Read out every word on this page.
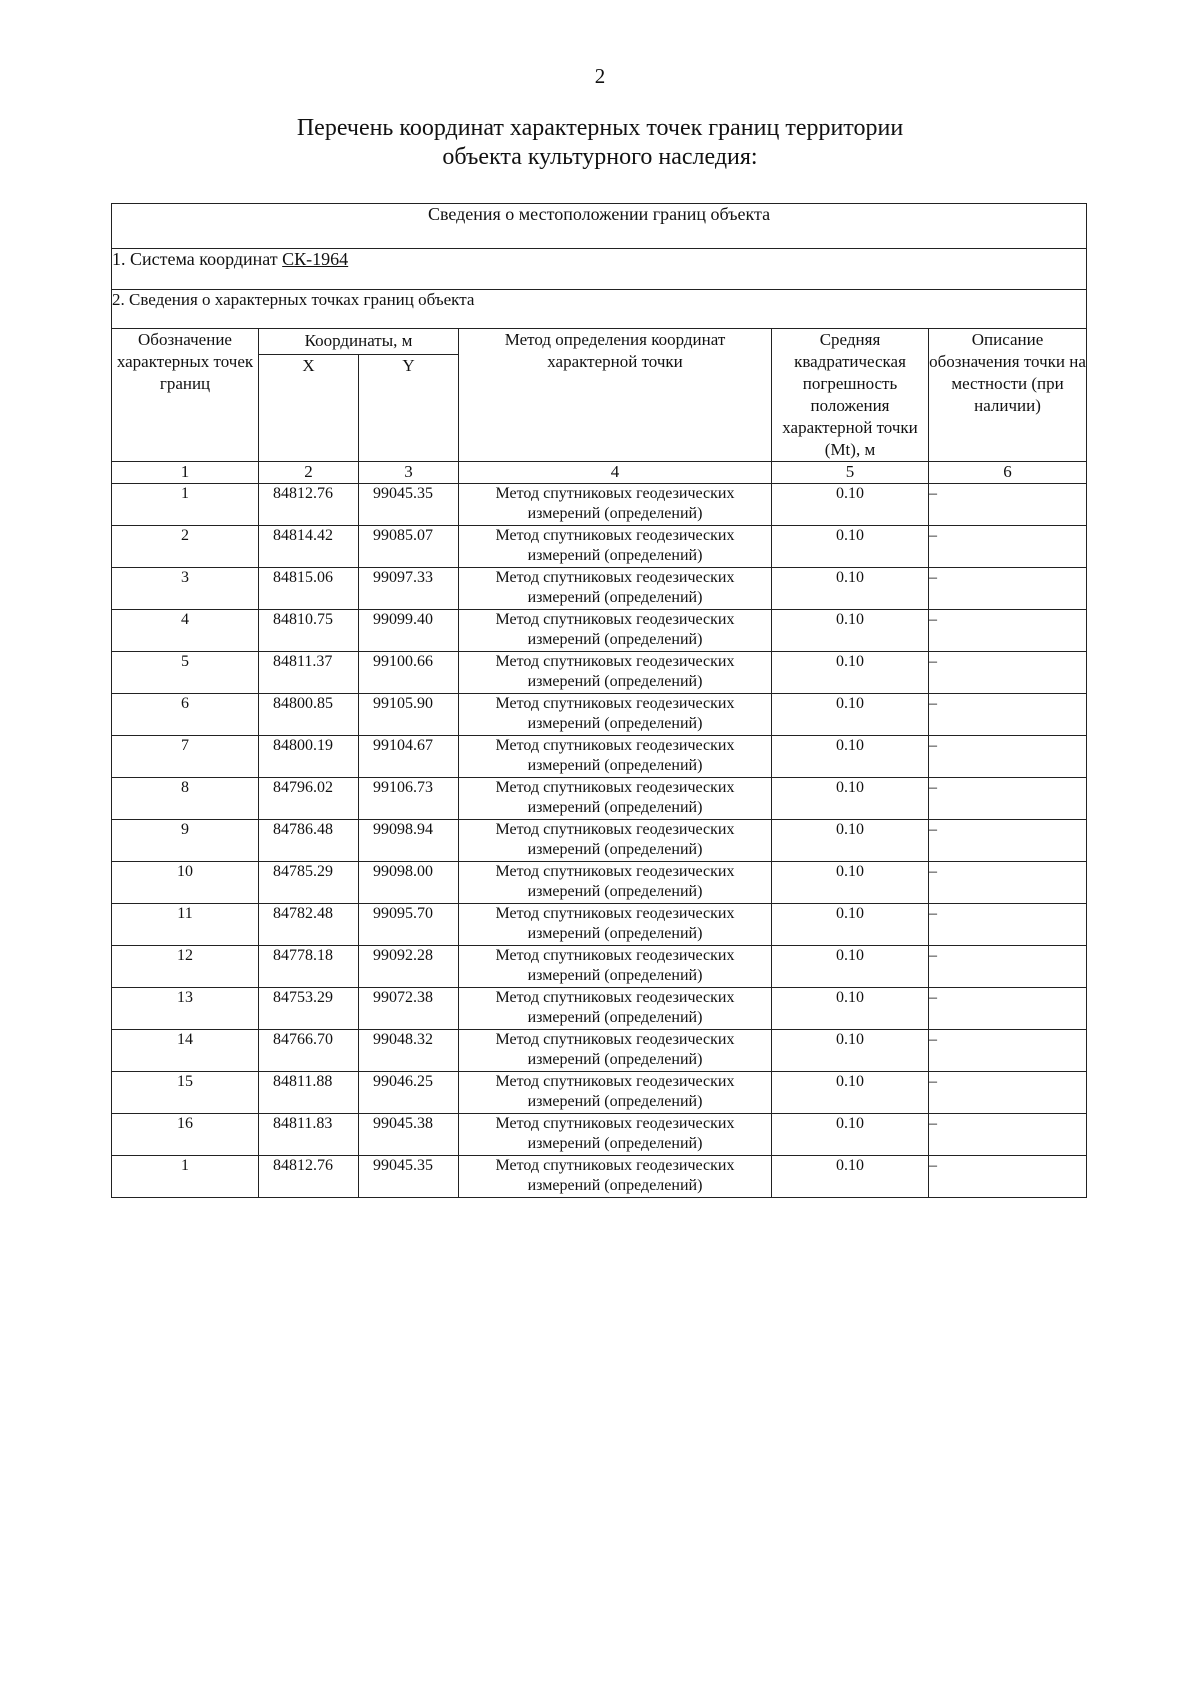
2
Перечень координат характерных точек границ территории
объекта культурного наследия:
Сведения о местоположении границ объекта					
1. Система координат СК-1964					
2. Сведения о характерных точках границ объекта					
Обозначение характерных точек границ	Координаты, м		Метод определения координат характерной точки	Средняя квадратическая погрешность положения характерной точки (Mt), м	Описание обозначения точки на местности (при наличии)
	X	Y			
1	2	3	4	5	6
1	84812.76	99045.35	Метод спутниковых геодезических измерений (определений)	0.10	–
2	84814.42	99085.07	Метод спутниковых геодезических измерений (определений)	0.10	–
3	84815.06	99097.33	Метод спутниковых геодезических измерений (определений)	0.10	–
4	84810.75	99099.40	Метод спутниковых геодезических измерений (определений)	0.10	–
5	84811.37	99100.66	Метод спутниковых геодезических измерений (определений)	0.10	–
6	84800.85	99105.90	Метод спутниковых геодезических измерений (определений)	0.10	–
7	84800.19	99104.67	Метод спутниковых геодезических измерений (определений)	0.10	–
8	84796.02	99106.73	Метод спутниковых геодезических измерений (определений)	0.10	–
9	84786.48	99098.94	Метод спутниковых геодезических измерений (определений)	0.10	–
10	84785.29	99098.00	Метод спутниковых геодезических измерений (определений)	0.10	–
11	84782.48	99095.70	Метод спутниковых геодезических измерений (определений)	0.10	–
12	84778.18	99092.28	Метод спутниковых геодезических измерений (определений)	0.10	–
13	84753.29	99072.38	Метод спутниковых геодезических измерений (определений)	0.10	–
14	84766.70	99048.32	Метод спутниковых геодезических измерений (определений)	0.10	–
15	84811.88	99046.25	Метод спутниковых геодезических измерений (определений)	0.10	–
16	84811.83	99045.38	Метод спутниковых геодезических измерений (определений)	0.10	–
1	84812.76	99045.35	Метод спутниковых геодезических измерений (определений)	0.10	–
